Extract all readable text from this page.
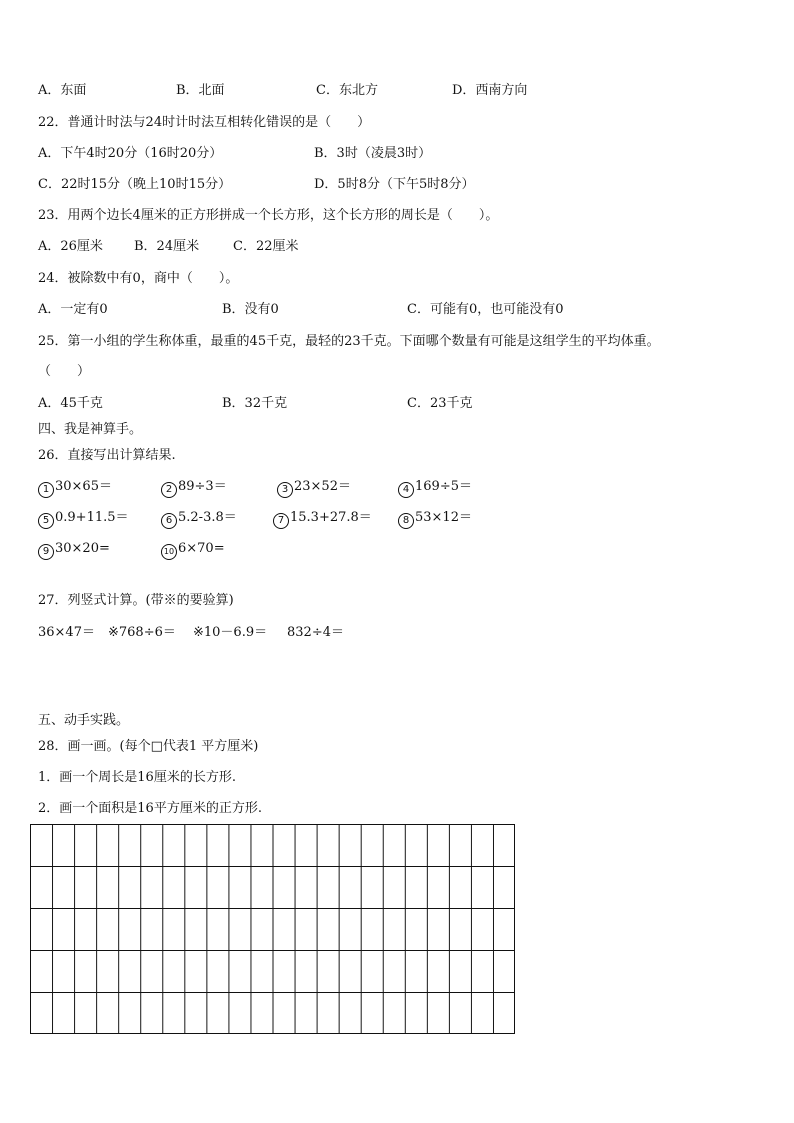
A．东面	B．北面	C．东北方	D．西南方向
22．普通计时法与24时计时法互相转化错误的是（　　）
A．下午4时20分（16时20分）	B．3时（凌晨3时）
C．22时15分（晚上10时15分）	D．5时8分（下午5时8分）
23．用两个边长4厘米的正方形拼成一个长方形，这个长方形的周长是（　　）。
A．26厘米 B．24厘米	C．22厘米
24．被除数中有0，商中（　　）。
A．一定有0	B．没有0	C．可能有0，也可能没有0
25．第一小组的学生称体重，最重的45千克，最轻的23千克。下面哪个数量有可能是这组学生的平均体重。
（　　）
A．45千克	B．32千克	C．23千克
四、我是神算手。
26．直接写出计算结果.
1 30×65＝	2 89÷3＝	3 23×52＝	4 169÷5＝
5 0.9+11.5＝	6 5.2-3.8＝	7 15.3+27.8＝	8 53×12＝
9 30×20=	10 6×70=
27．列竖式计算。(带※的要验算)
36×47＝ ※768÷6＝ ※10－6.9＝ 832÷4＝
五、动手实践。
28．画一画。(每个□代表1 平方厘米)
1．画一个周长是16厘米的长方形.
2．画一个面积是16平方厘米的正方形.
